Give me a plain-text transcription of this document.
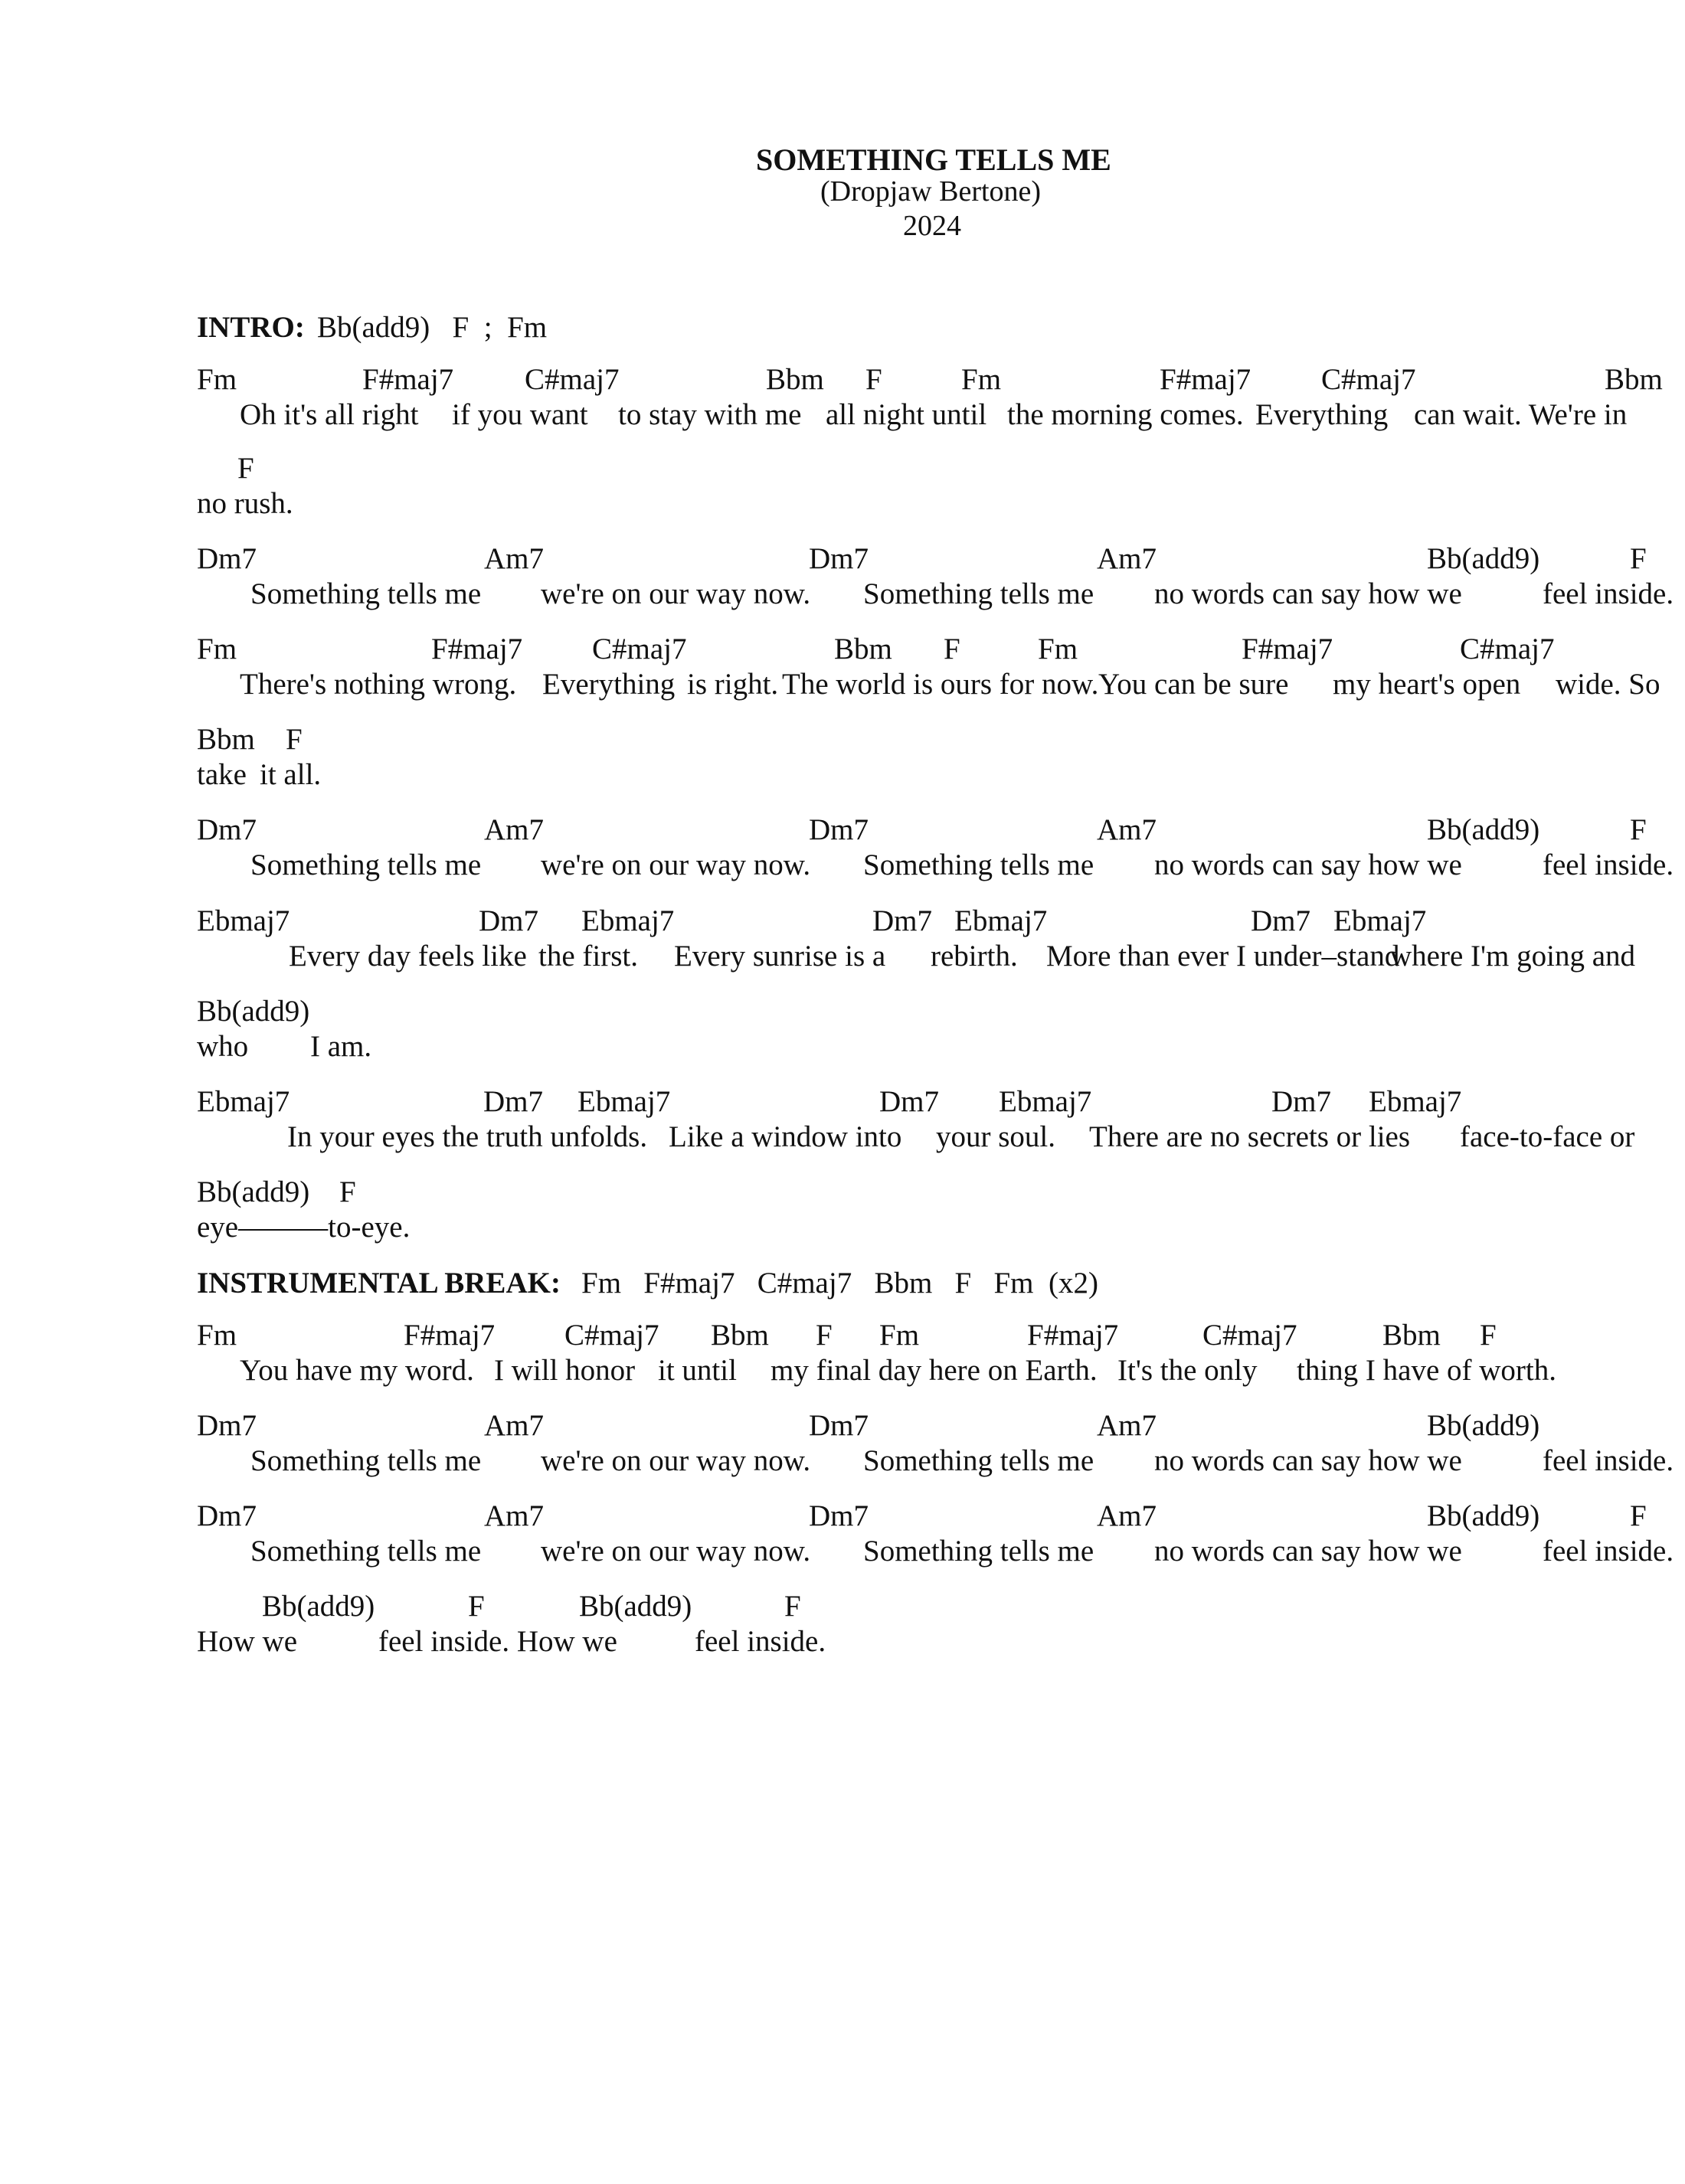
SOMETHING TELLS ME
(Dropjaw Bertone)
2024
INTRO: Bb(add9)   F  ;  Fm
Fm	F#maj7 C#maj7	Bbm F	Fm	F#maj7 C#maj7	Bbm
Oh it's all right if you want to stay with me all night until the morning comes. Everything can wait. We're in
F
no rush.
Dm7	Am7	Dm7	Am7	Bb(add9)	F
Something tells me we're on our way now. Something tells me no words can say how we	feel inside.
Fm	F#maj7 C#maj7	Bbm F	Fm	F#maj7	C#maj7
There's nothing wrong. Everything is right. The world is ours for now. You can be sure my heart's open wide. So
Bbm F
take it all.
Dm7	Am7	Dm7	Am7	Bb(add9)	F
Something tells me we're on our way now. Something tells me no words can say how we	feel inside.
Ebmaj7	Dm7 Ebmaj7	Dm7 Ebmaj7	Dm7 Ebmaj7
Every day feels like the first. Every sunrise is a rebirth. More than ever I under–stand
where I'm going and
Bb(add9)
who I am.
Ebmaj7	Dm7 Ebmaj7	Dm7 Ebmaj7	Dm7 Ebmaj7
In your eyes the truth unfolds. Like a window into your soul. There are no secrets or lies face-to-face or
Bb(add9) F
eye———to-eye.
INSTRUMENTAL BREAK: Fm   F#maj7   C#maj7   Bbm   F   Fm  (x2)
Fm	F#maj7 C#maj7 Bbm F Fm	F#maj7	C#maj7	Bbm F
You have my word. I will honor it until my final day here on Earth. It's the only thing I have of worth.
Dm7	Am7	Dm7	Am7	Bb(add9)
Something tells me we're on our way now. Something tells me no words can say how we	feel inside.
Dm7	Am7	Dm7	Am7	Bb(add9)	F
Something tells me we're on our way now. Something tells me no words can say how we	feel inside.
Bb(add9)	F	Bb(add9)	F
How we	feel inside. How we	feel inside.
